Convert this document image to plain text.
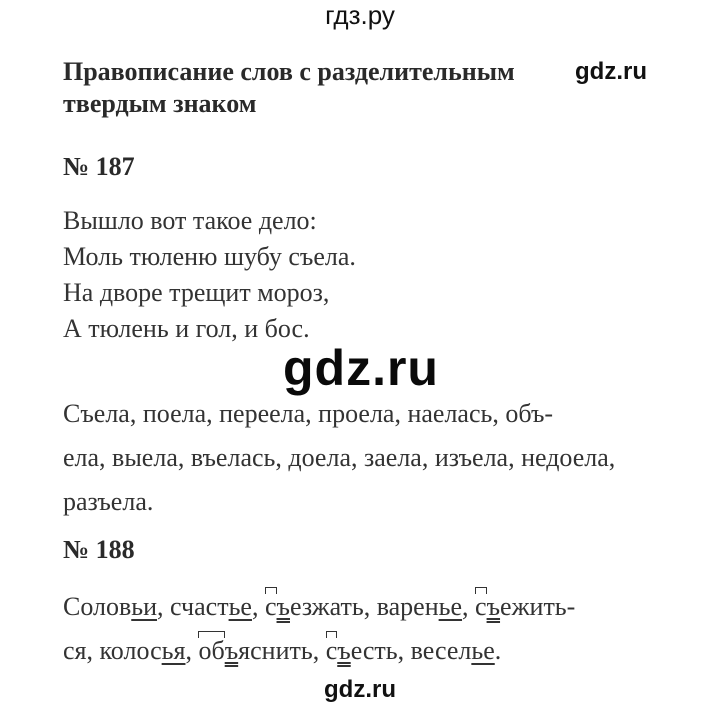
гдз.ру
Правописание слов с разделительным
твердым знаком
gdz.ru
№ 187
Вышло вот такое дело:
Моль тюленю шубу съела.
На дворе трещит мороз,
А тюлень и гол, и бос.
gdz.ru
Съела, поела, переела, проела, наелась, объ-
ела, выела, въелась, доела, заела, изъела, недоела,
разъела.
№ 188
Соловьи, счастье, съезжать, варенье, съежить-
ся, колосья, объяснить, съесть, веселье.
gdz.ru
